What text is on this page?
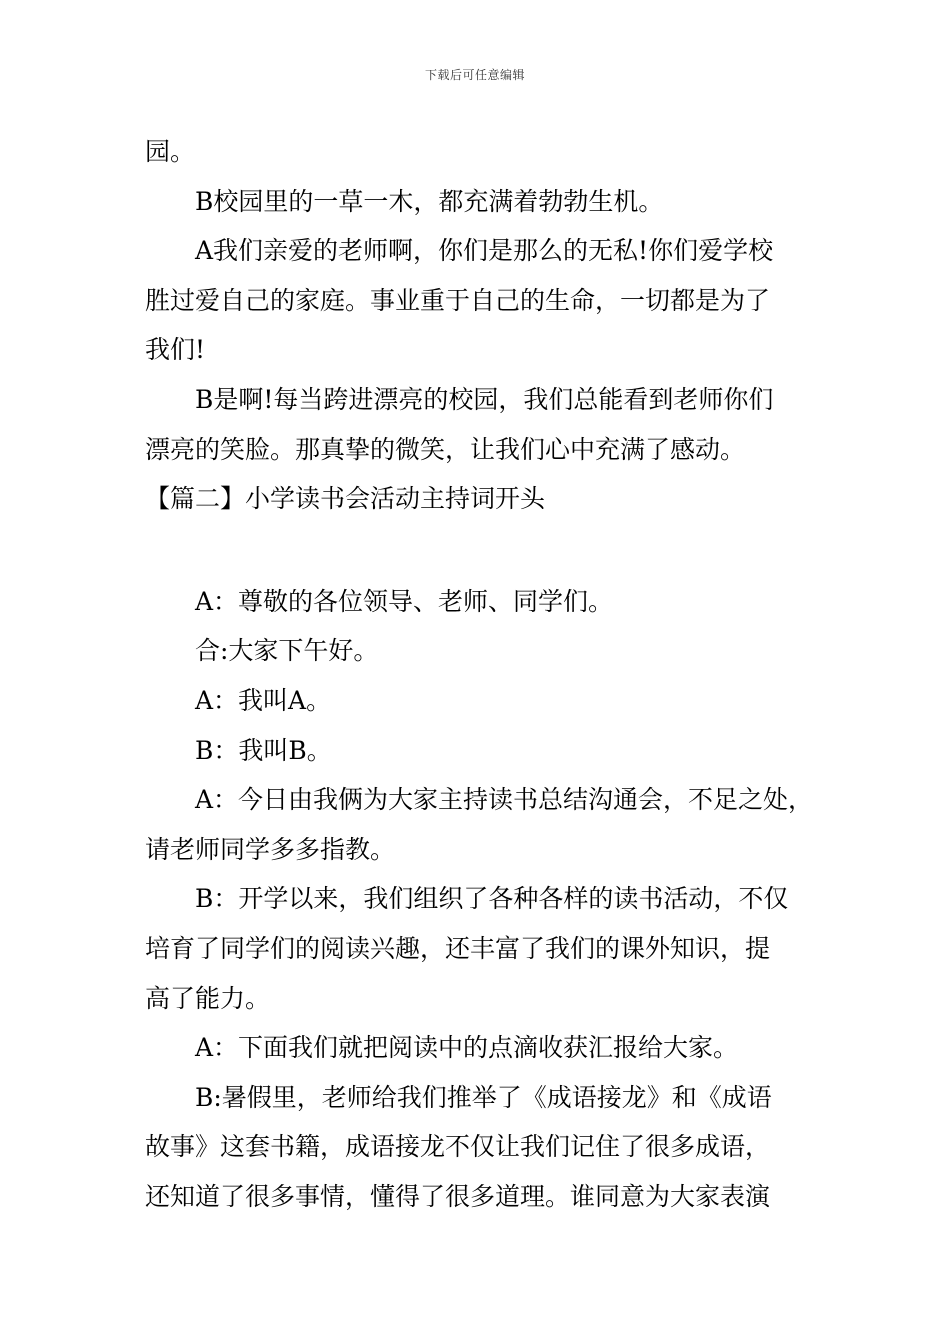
下载后可任意编辑
园。
B校园里的一草一木，都充满着勃勃生机。
A我们亲爱的老师啊，你们是那么的无私!你们爱学校
胜过爱自己的家庭。事业重于自己的生命，一切都是为了
我们!
B是啊!每当跨进漂亮的校园，我们总能看到老师你们
漂亮的笑脸。那真挚的微笑，让我们心中充满了感动。
【篇二】小学读书会活动主持词开头
A：尊敬的各位领导、老师、同学们。
合:大家下午好。
A：我叫A。
B：我叫B。
A：今日由我俩为大家主持读书总结沟通会，不足之处，
请老师同学多多指教。
B：开学以来，我们组织了各种各样的读书活动，不仅
培育了同学们的阅读兴趣，还丰富了我们的课外知识，提
高了能力。
A：下面我们就把阅读中的点滴收获汇报给大家。
B:暑假里，老师给我们推举了《成语接龙》和《成语
故事》这套书籍，成语接龙不仅让我们记住了很多成语，
还知道了很多事情，懂得了很多道理。谁同意为大家表演
